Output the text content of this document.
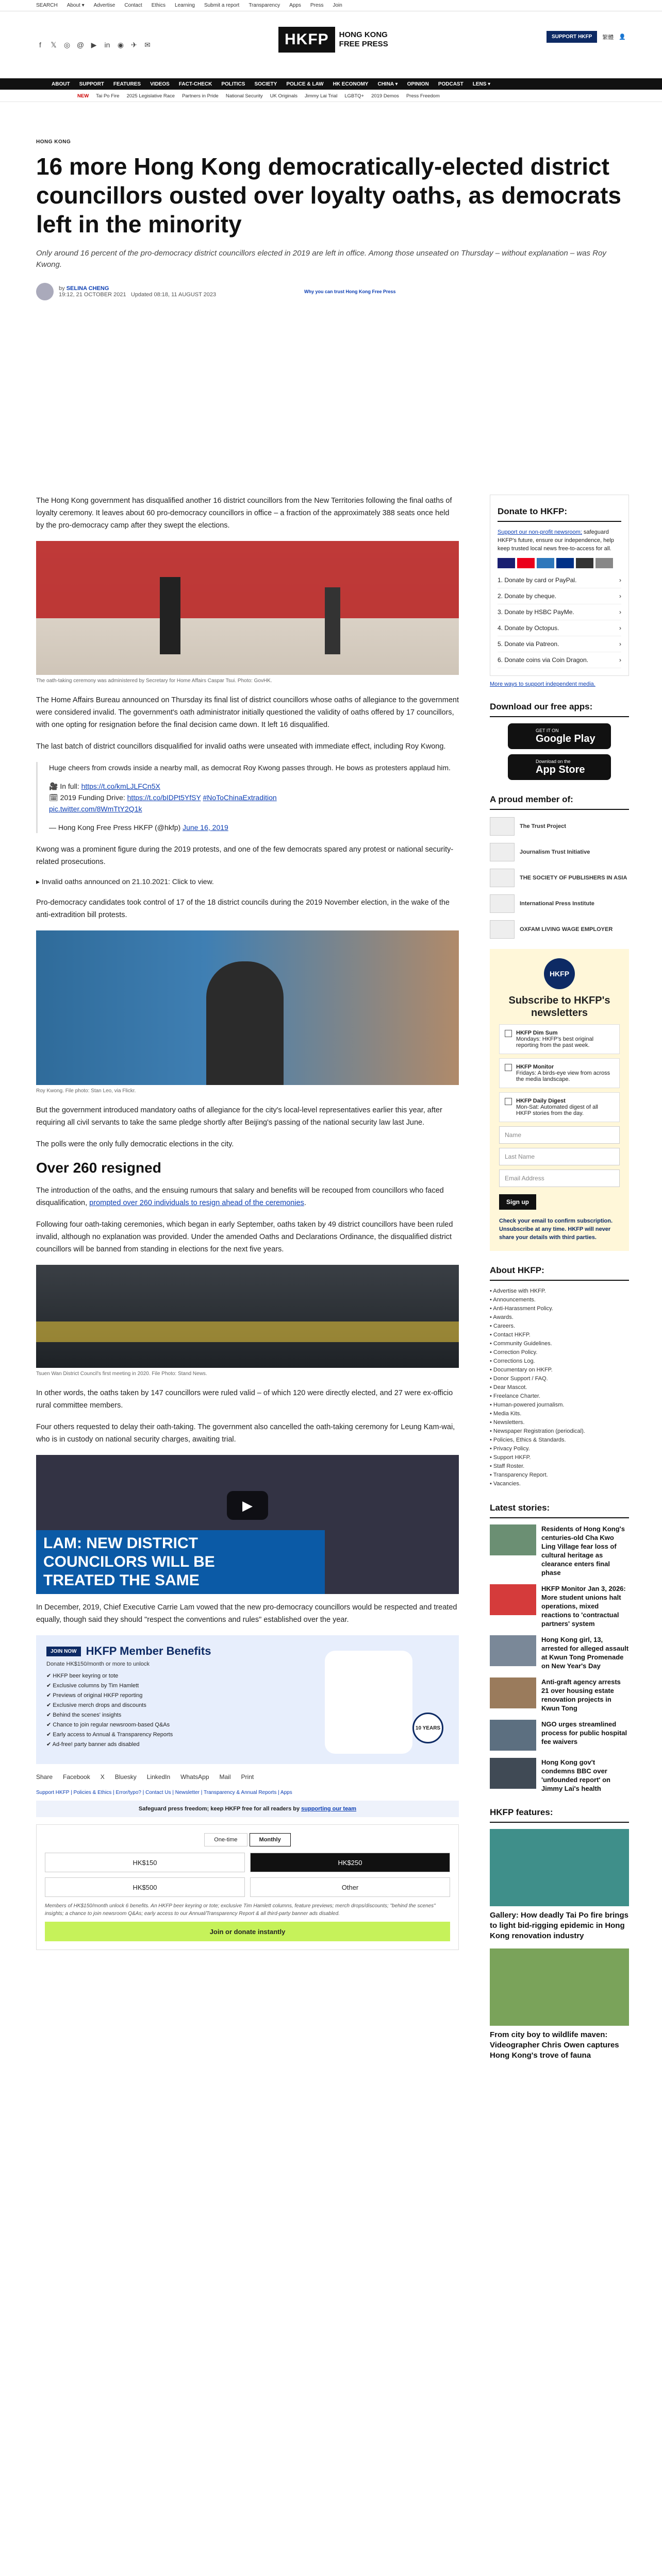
SEARCH About ▾ Advertise Contact Ethics Learning Submit a report Transparency Apps Press Join
f	𝕏 ◎ @ ▶ in ◉ ✈ ✉	HKFP	HONG KONG
FREE PRESS
SUPPORT HKFP	繁體 👤
ABOUT SUPPORT FEATURES VIDEOS FACT-CHECK POLITICS SOCIETY POLICE & LAW HK ECONOMY CHINA ▾ OPINION PODCAST LENS ▾
NEW Tai Po Fire 2025 Legislative Race Partners in Pride National Security UK Originals Jimmy Lai Trial LGBTQ+ 2019 Demos Press Freedom
HONG KONG
16 more Hong Kong democratically-elected district councillors ousted over loyalty oaths, as democrats left in the minority

Only around 16 percent of the pro-democracy district councillors elected in 2019 are left in office. Among those unseated on Thursday – without explanation – was Roy Kwong.

by SELINA CHENG
19:12, 21 OCTOBER 2021 Updated 08:18, 11 AUGUST 2023	Why you can trust Hong Kong Free Press

The Hong Kong government has disqualified another 16 district councillors from the New Territories following the final oaths of loyalty ceremony. It leaves about 60 pro-democracy councillors in office – a fraction of the approximately 388 seats once held by the pro-democracy camp after they swept the elections.

The oath-taking ceremony was administered by Secretary for Home Affairs Caspar Tsui. Photo: GovHK.

The Home Affairs Bureau announced on Thursday its final list of district councillors whose oaths of allegiance to the government were considered invalid. The government's oath administrator initially questioned the validity of oaths offered by 17 councillors, with one opting for resignation before the final decision came down. It left 16 disqualified.

The last batch of district councillors disqualified for invalid oaths were unseated with immediate effect, including Roy Kwong.

Huge cheers from crowds inside a nearby mall, as democrat Roy Kwong passes through. He bows as protesters applaud him.

🎥 In full: https://t.co/kmLJLFCn5X
🗓 2019 Funding Drive: https://t.co/bIDPt5YfSY #NoToChinaExtradition
pic.twitter.com/8WmTtY2Q1k

— Hong Kong Free Press HKFP (@hkfp) June 16, 2019

Kwong was a prominent figure during the 2019 protests, and one of the few democrats spared any protest or national security-related prosecutions.

▸ Invalid oaths announced on 21.10.2021: Click to view.

Pro-democracy candidates took control of 17 of the 18 district councils during the 2019 November election, in the wake of the anti-extradition bill protests.

Roy Kwong. File photo: Stan Leo, via Flickr.

But the government introduced mandatory oaths of allegiance for the city's local-level representatives earlier this year, after requiring all civil servants to take the same pledge shortly after Beijing's passing of the national security law last June.

The polls were the only fully democratic elections in the city.

Over 260 resigned

The introduction of the oaths, and the ensuing rumours that salary and benefits will be recouped from councillors who faced disqualification, prompted over 260 individuals to resign ahead of the ceremonies.

Following four oath-taking ceremonies, which began in early September, oaths taken by 49 district councillors have been ruled invalid, although no explanation was provided. Under the amended Oaths and Declarations Ordinance, the disqualified district councillors will be banned from standing in elections for the next five years.

Tsuen Wan District Council's first meeting in 2020. File Photo: Stand News.

In other words, the oaths taken by 147 councillors were ruled valid – of which 120 were directly elected, and 27 were ex-officio rural committee members.

Four others requested to delay their oath-taking. The government also cancelled the oath-taking ceremony for Leung Kam-wai, who is in custody on national security charges, awaiting trial.

▶
LAM: NEW DISTRICT
COUNCILORS WILL BE
TREATED THE SAME

In December, 2019, Chief Executive Carrie Lam vowed that the new pro-democracy councillors would be respected and treated equally, though said they should "respect the conventions and rules" established over the year.

JOIN NOW HKFP Member Benefits
Donate HK$150/month or more to unlock
✔ HKFP beer keyring or tote
✔ Exclusive columns by Tim Hamlett
✔ Previews of original HKFP reporting
✔ Exclusive merch drops and discounts
✔ Behind the scenes' insights
✔ Chance to join regular newsroom-based Q&As
✔ Early access to Annual & Transparency Reports
✔ Ad-free! party banner ads disabled
10 YEARS
Share Facebook X Bluesky LinkedIn WhatsApp Mail Print
Support HKFP | Policies & Ethics | Error/typo? | Contact Us | Newsletter | Transparency & Annual Reports | Apps
Safeguard press freedom; keep HKFP free for all readers by supporting our team
One-time	Monthly
HK$150	HK$250
HK$500	Other
Members of HK$150/month unlock 6 benefits. An HKFP beer keyring or tote; exclusive Tim Hamlett columns, feature previews; merch drops/discounts; "behind the scenes" insights; a chance to join newsroom Q&As; early access to our Annual/Transparency Report & all third-party banner ads disabled.
Join or donate instantly
Donate to HKFP:
Support our non-profit newsroom; safeguard HKFP's future, ensure our independence, help keep trusted local news free-to-access for all.
1. Donate by card or PayPal.	›
2. Donate by cheque.	›
3. Donate by HSBC PayMe.	›
4. Donate by Octopus.	›
5. Donate via Patreon.	›
6. Donate coins via Coin Dragon.	›
More ways to support independent media.
Download our free apps:
GET IT ON
Google Play
Download on the
App Store
A proud member of:
The Trust Project
Journalism Trust Initiative
THE SOCIETY OF PUBLISHERS IN ASIA
International Press Institute
OXFAM LIVING WAGE EMPLOYER
HKFP
Subscribe to HKFP's newsletters
HKFP Dim Sum
Mondays: HKFP's best original reporting from the past week.
HKFP Monitor
Fridays: A birds-eye view from across the media landscape.
HKFP Daily Digest
Mon-Sat: Automated digest of all HKFP stories from the day.
Name
Last Name
Email Address
Sign up
Check your email to confirm subscription. Unsubscribe at any time. HKFP will never share your details with third parties.
About HKFP:
• Advertise with HKFP.
• Announcements.
• Anti-Harassment Policy.
• Awards.
• Careers.
• Contact HKFP.
• Community Guidelines.
• Correction Policy.
• Corrections Log.
• Documentary on HKFP.
• Donor Support / FAQ.
• Dear Mascot.
• Freelance Charter.
• Human-powered journalism.
• Media Kits.
• Newsletters.
• Newspaper Registration (periodical).
• Policies, Ethics & Standards.
• Privacy Policy.
• Support HKFP.
• Staff Roster.
• Transparency Report.
• Vacancies.
Latest stories:
Residents of Hong Kong's centuries-old Cha Kwo Ling Village fear loss of cultural heritage as clearance enters final phase
HKFP Monitor Jan 3, 2026: More student unions halt operations, mixed reactions to 'contractual partners' system
Hong Kong girl, 13, arrested for alleged assault at Kwun Tong Promenade on New Year's Day
Anti-graft agency arrests 21 over housing estate renovation projects in Kwun Tong
NGO urges streamlined process for public hospital fee waivers
Hong Kong gov't condemns BBC over 'unfounded report' on Jimmy Lai's health
HKFP features:
Gallery: How deadly Tai Po fire brings to light bid-rigging epidemic in Hong Kong renovation industry
From city boy to wildlife maven: Videographer Chris Owen captures Hong Kong's trove of fauna
